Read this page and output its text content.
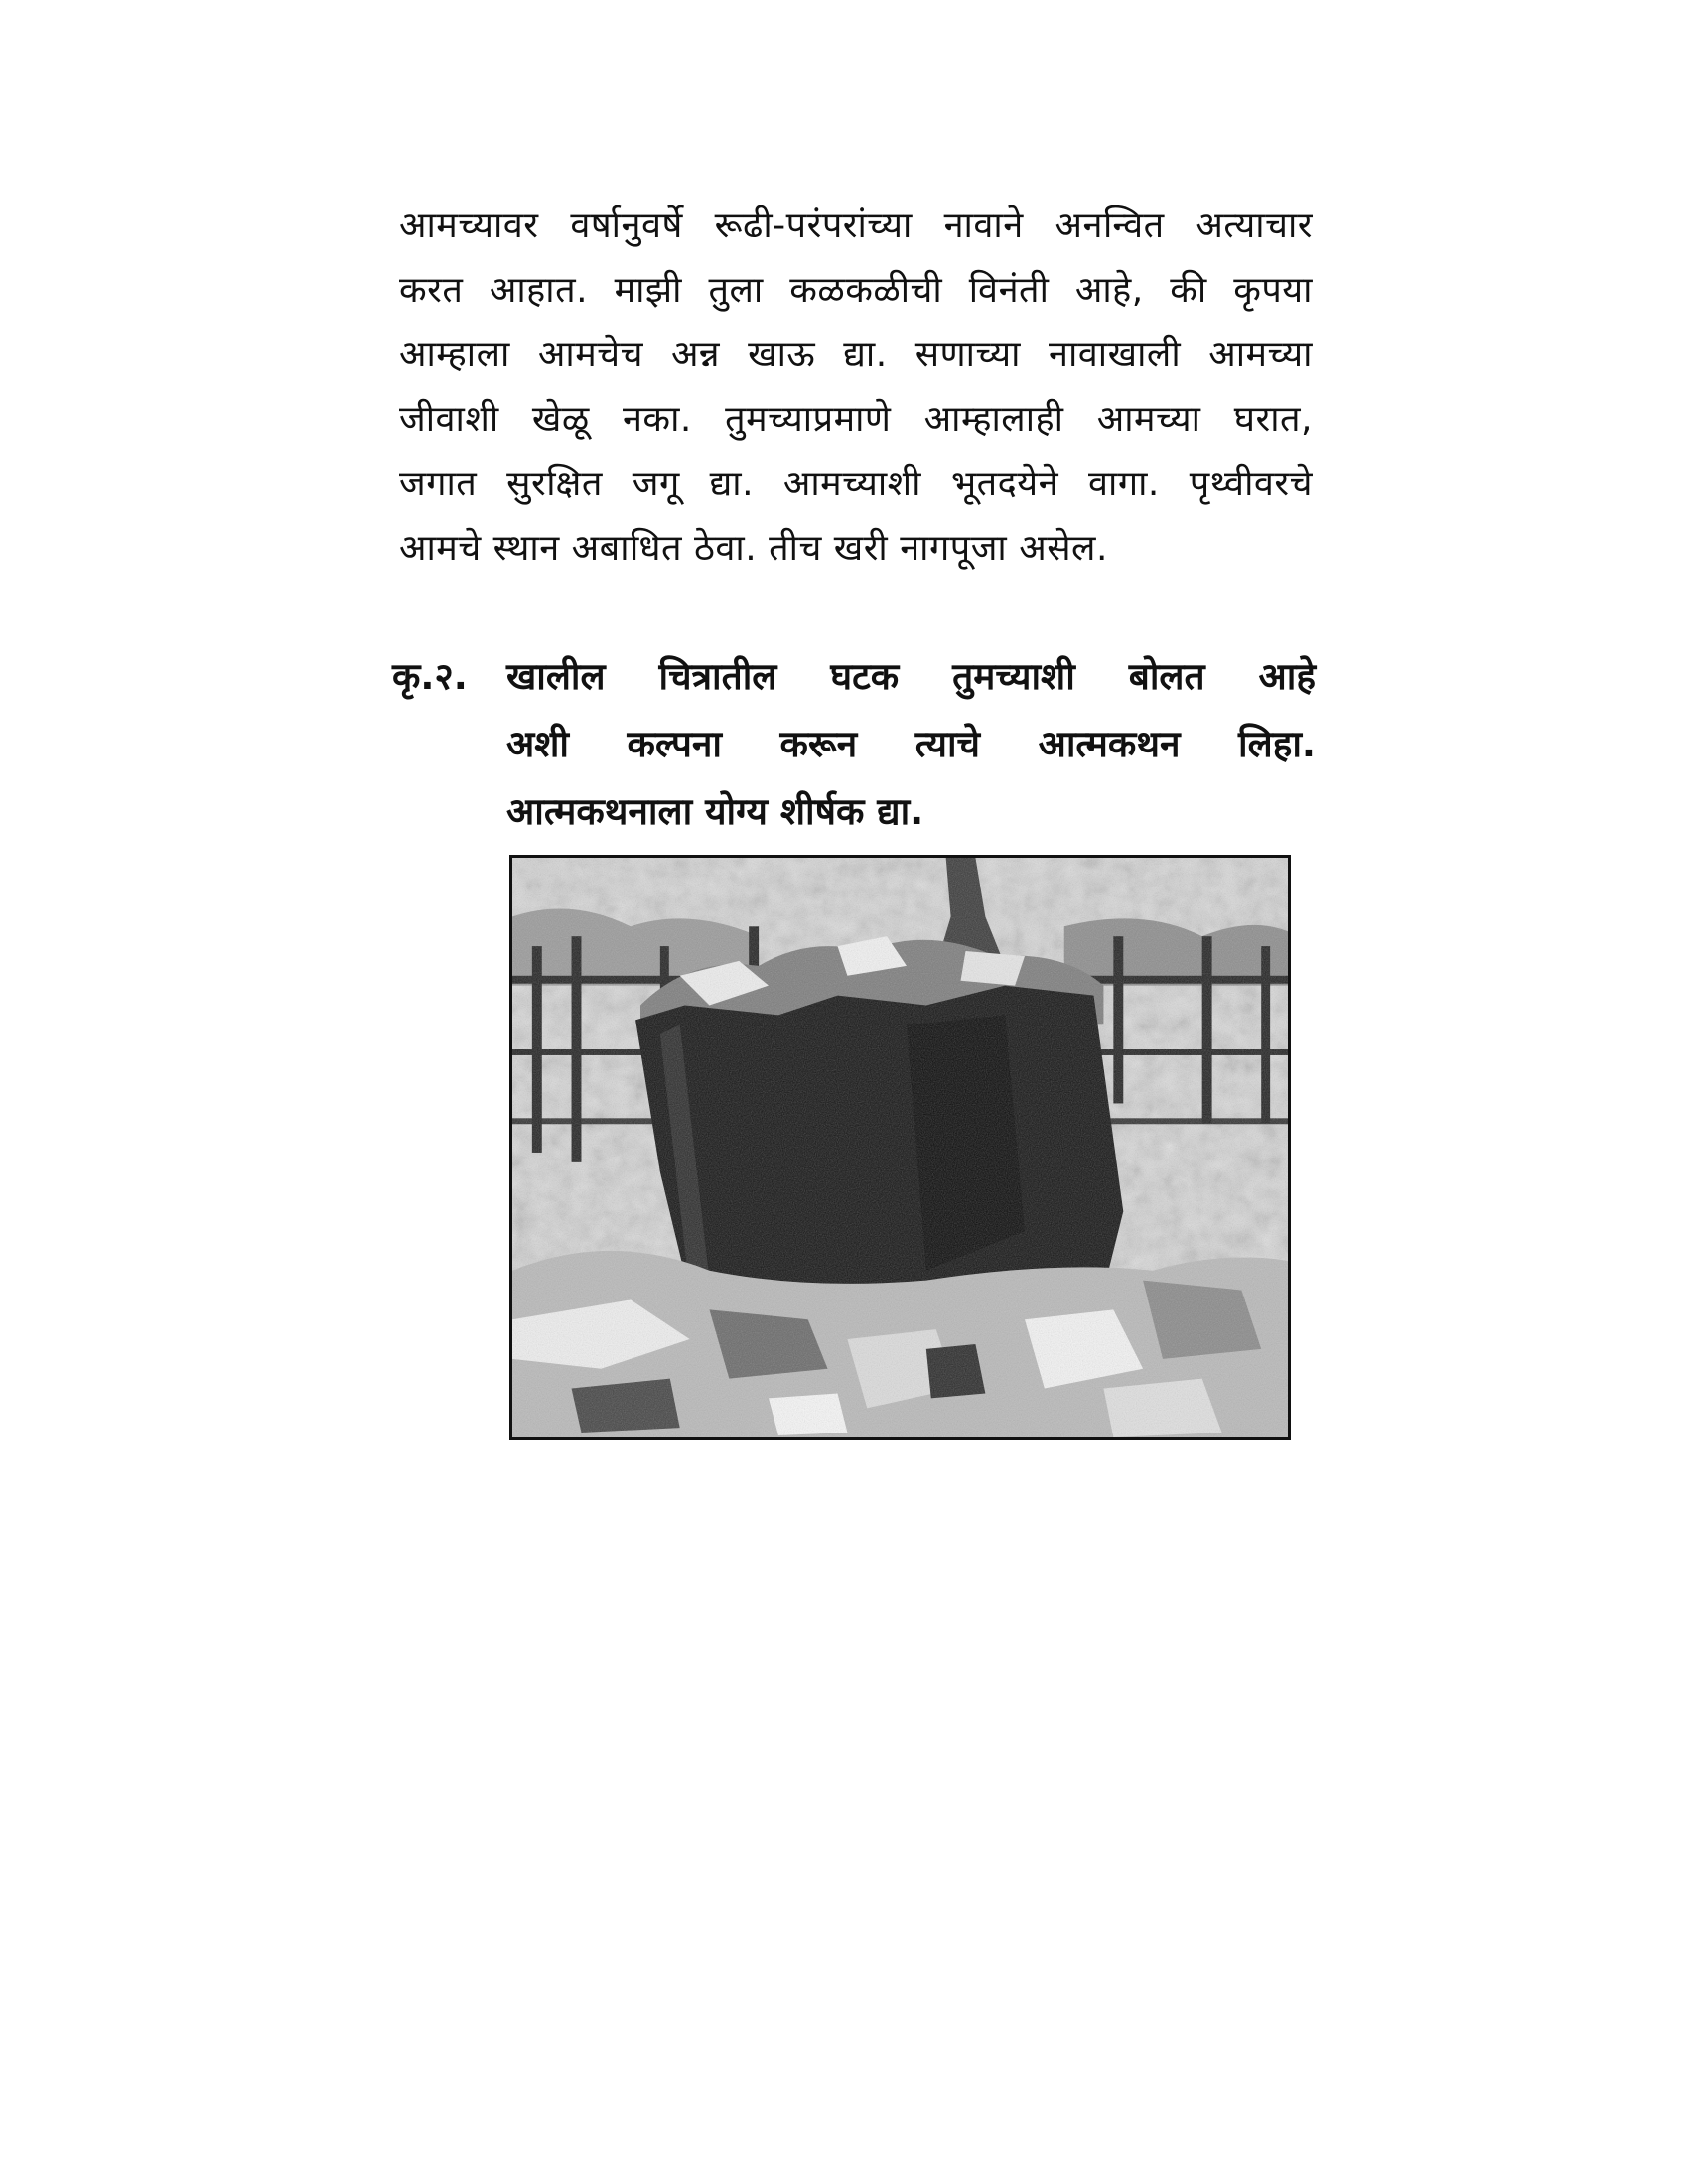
आमच्यावर वर्षानुवर्षे रूढी-परंपरांच्या नावाने अनन्वित अत्याचार
करत आहात. माझी तुला कळकळीची विनंती आहे, की कृपया
आम्हाला आमचेच अन्न खाऊ द्या. सणाच्या नावाखाली आमच्या
जीवाशी खेळू नका. तुमच्याप्रमाणे आम्हालाही आमच्या घरात,
जगात सुरक्षित जगू द्या. आमच्याशी भूतदयेने वागा. पृथ्वीवरचे
आमचे स्थान अबाधित ठेवा. तीच खरी नागपूजा असेल.
कृ.२. खालील चित्रातील घटक तुमच्याशी बोलत आहे
अशी कल्पना करून त्याचे आत्मकथन लिहा.
आत्मकथनाला योग्य शीर्षक द्या.
